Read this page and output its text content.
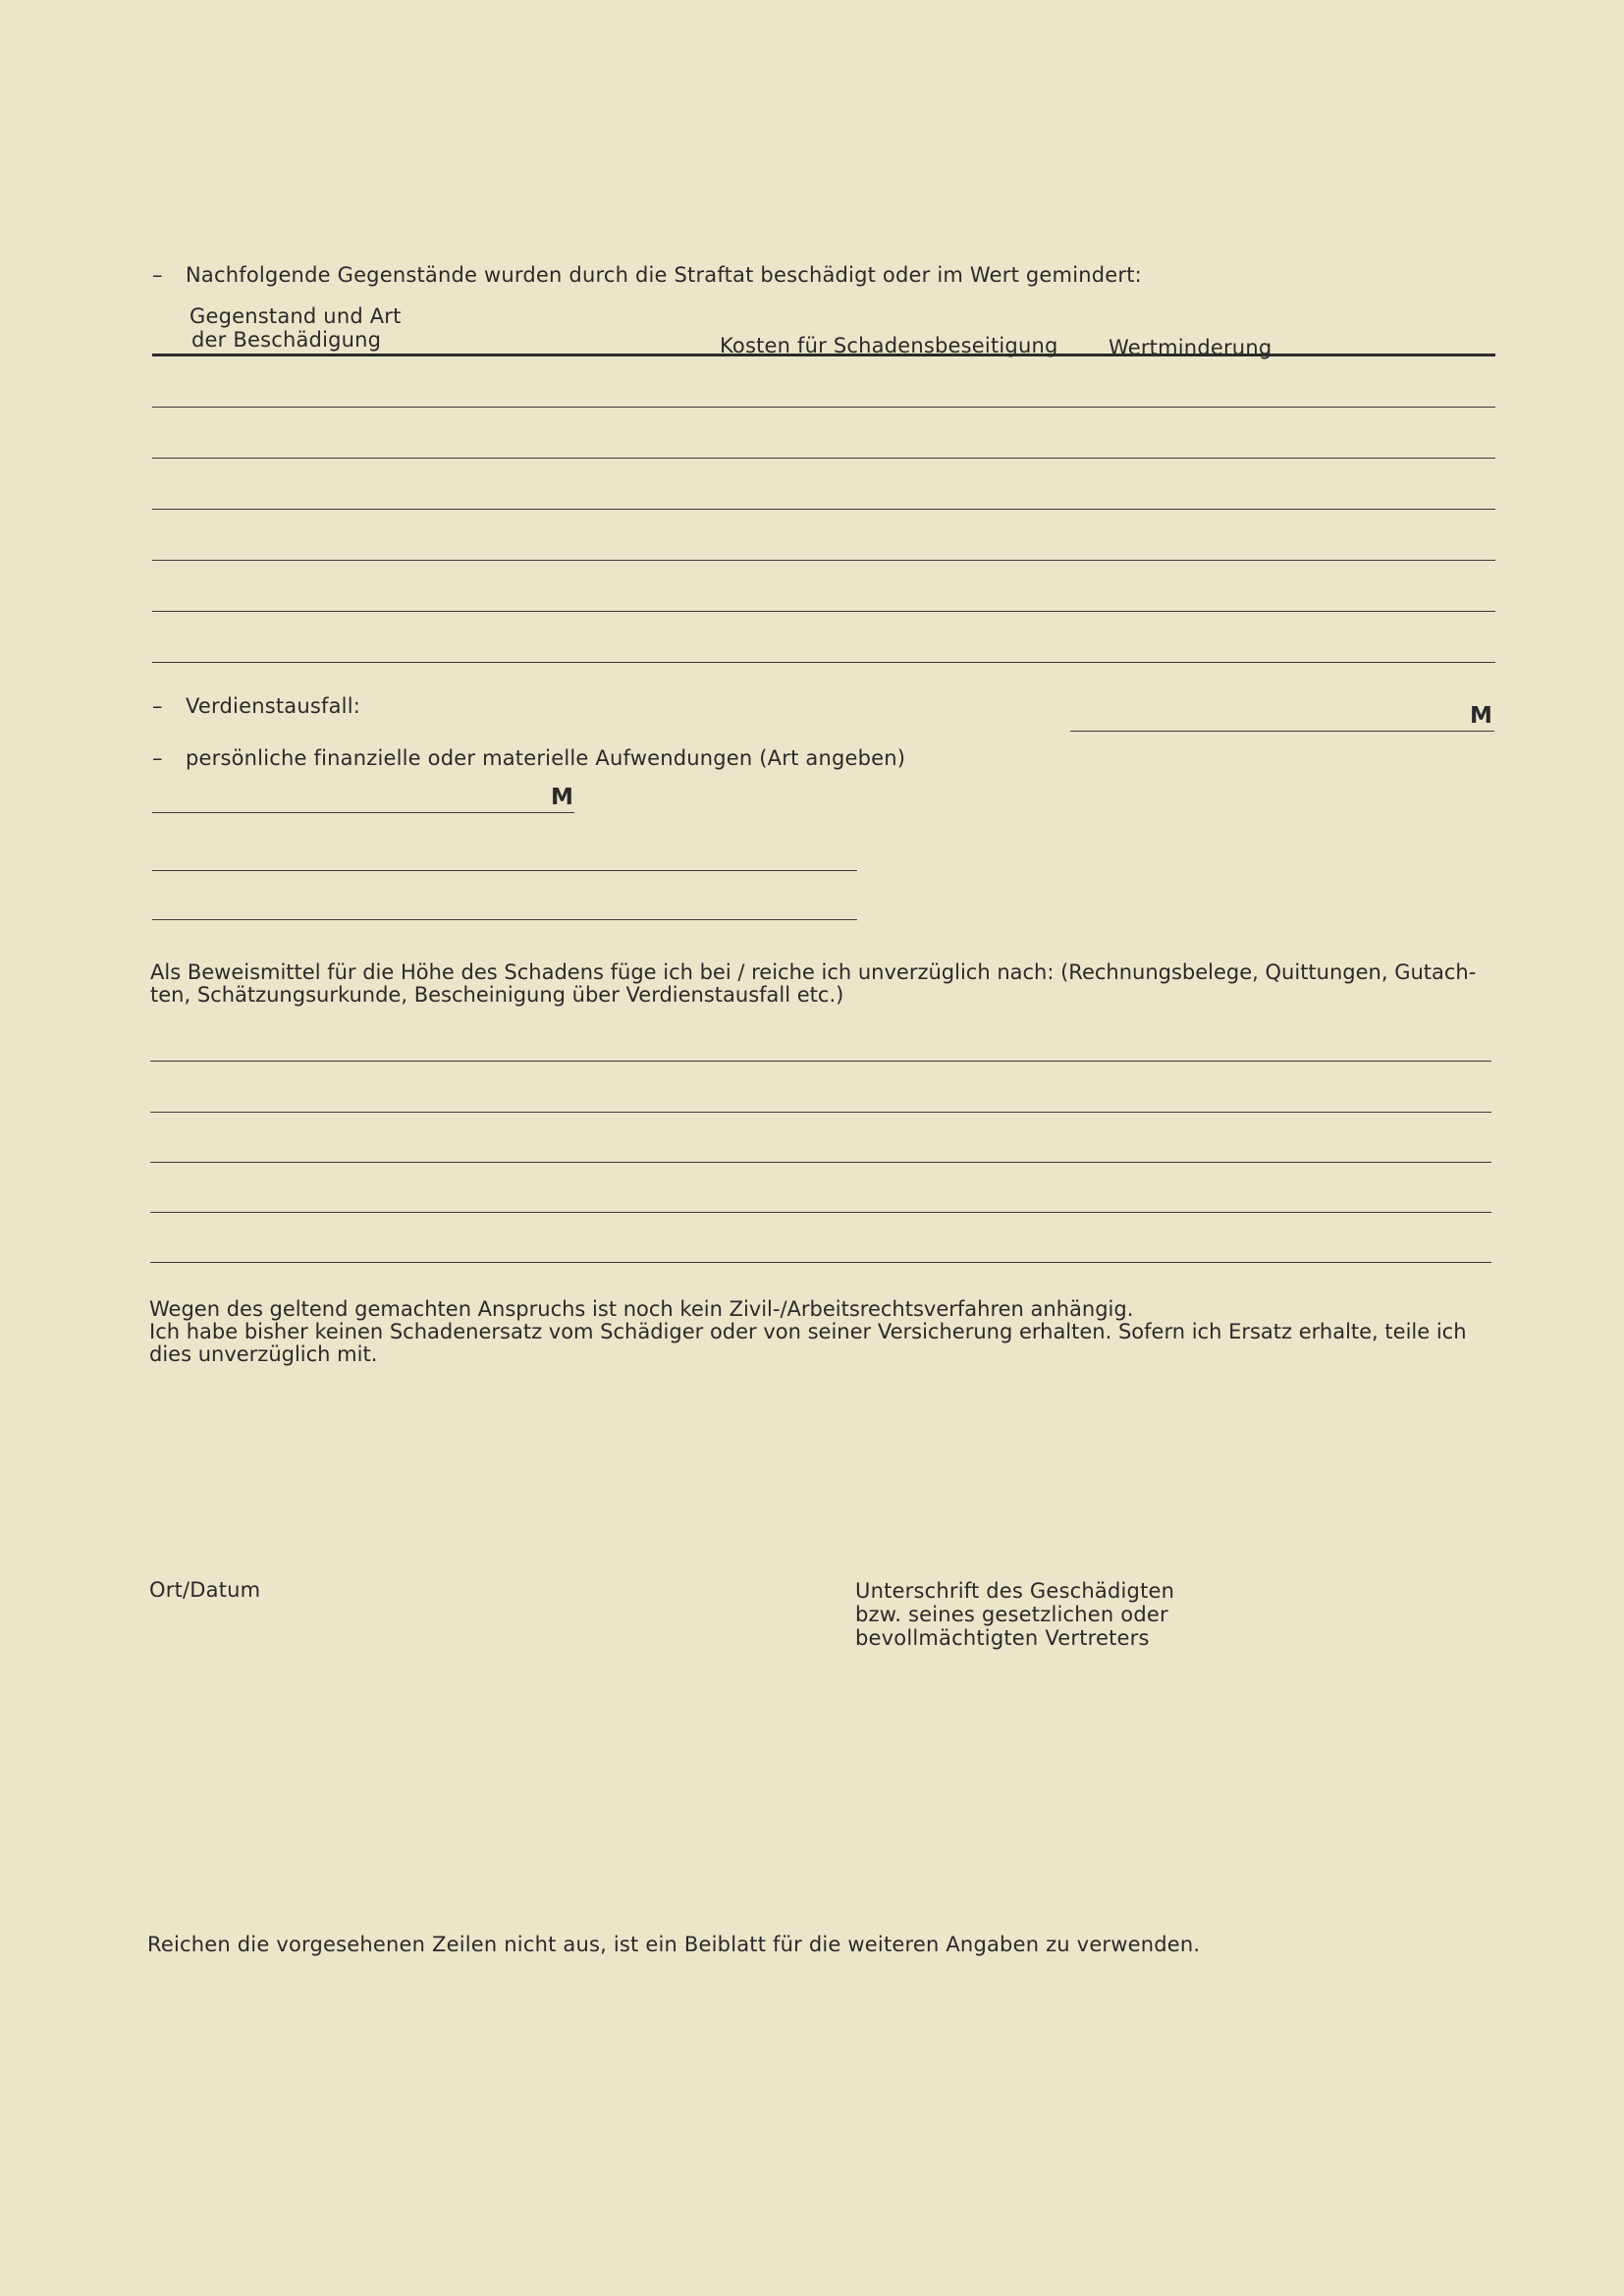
– Nachfolgende Gegenstände wurden durch die Straftat beschädigt oder im Wert gemindert:
Gegenstand und Art
der Beschädigung	Kosten für Schadensbeseitigung Wertminderung
– Verdienstausfall:	M
– persönliche finanzielle oder materielle Aufwendungen (Art angeben)
M
Als Beweismittel für die Höhe des Schadens füge ich bei / reiche ich unverzüglich nach: (Rechnungsbelege, Quittungen, Gutach-
ten, Schätzungsurkunde, Bescheinigung über Verdienstausfall etc.)
Wegen des geltend gemachten Anspruchs ist noch kein Zivil-/Arbeitsrechtsverfahren anhängig.
Ich habe bisher keinen Schadenersatz vom Schädiger oder von seiner Versicherung erhalten. Sofern ich Ersatz erhalte, teile ich
dies unverzüglich mit.
Ort/Datum	Unterschrift des Geschädigten
bzw. seines gesetzlichen oder
bevollmächtigten Vertreters
Reichen die vorgesehenen Zeilen nicht aus, ist ein Beiblatt für die weiteren Angaben zu verwenden.
